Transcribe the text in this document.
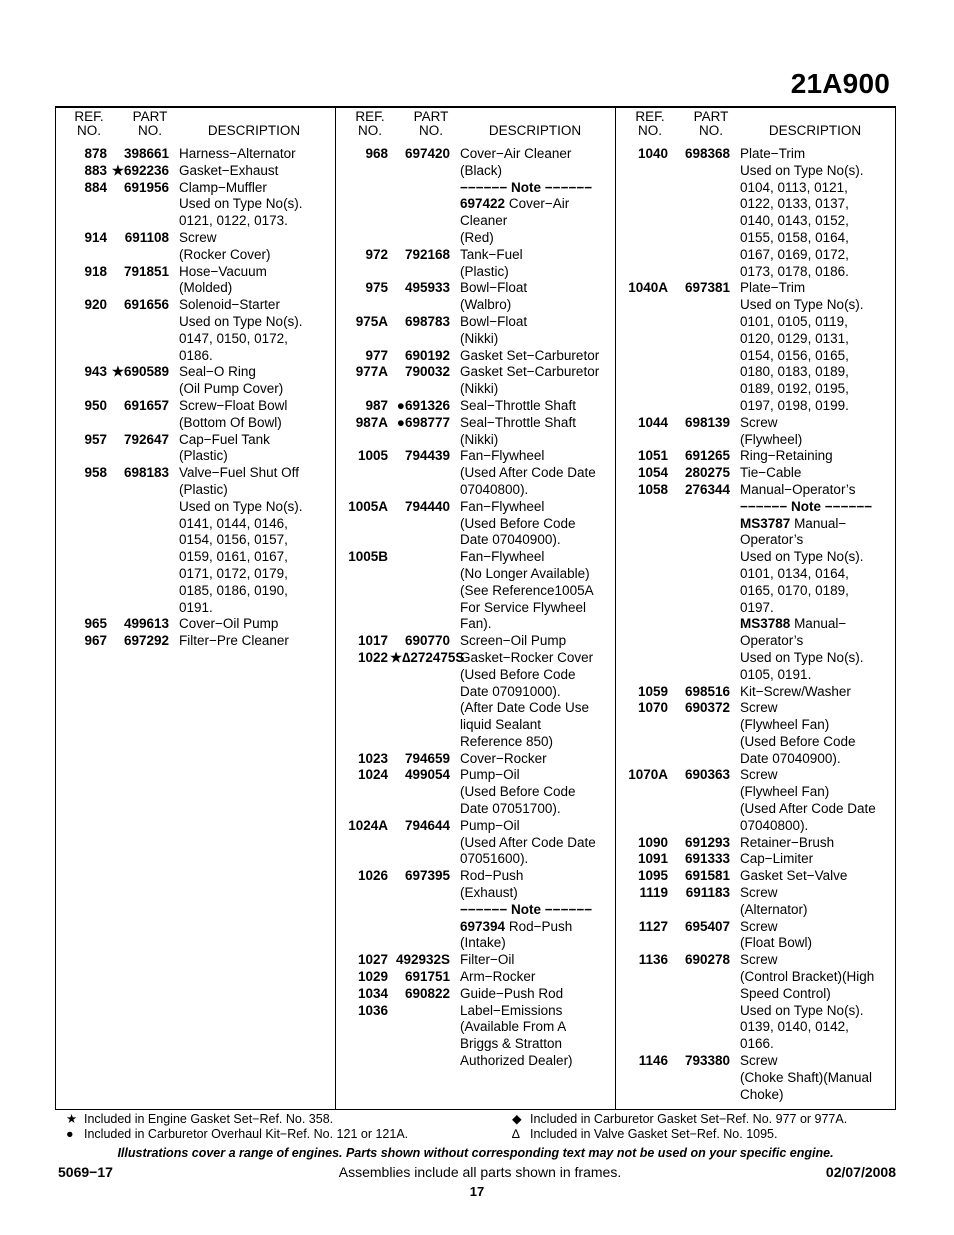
21A900
REF.
NO.
PART
NO.	DESCRIPTION
878	398661 Harness−Alternator
883 ★692236 Gasket−Exhaust
884	691956 Clamp−Muffler
Used on Type No(s).
0121, 0122, 0173.
914	691108 Screw
(Rocker Cover)
918	791851 Hose−Vacuum
(Molded)
920	691656 Solenoid−Starter
Used on Type No(s).
0147, 0150, 0172,
0186.
943 ★690589 Seal−O Ring
(Oil Pump Cover)
950	691657 Screw−Float Bowl
(Bottom Of Bowl)
957	792647 Cap−Fuel Tank
(Plastic)
958	698183 Valve−Fuel Shut Off
(Plastic)
Used on Type No(s).
0141, 0144, 0146,
0154, 0156, 0157,
0159, 0161, 0167,
0171, 0172, 0179,
0185, 0186, 0190,
0191.
965	499613 Cover−Oil Pump
967	697292 Filter−Pre Cleaner
REF.
NO.
PART
NO.	DESCRIPTION
968	697420 Cover−Air Cleaner
(Black)
−−−−−− Note −−−−−−
697422 Cover−Air
Cleaner
(Red)
972	792168 Tank−Fuel
(Plastic)
975	495933 Bowl−Float
(Walbro)
975A	698783 Bowl−Float
(Nikki)
977	690192 Gasket Set−Carburetor
977A	790032 Gasket Set−Carburetor
(Nikki)
987 ●691326 Seal−Throttle Shaft
987A ●698777 Seal−Throttle Shaft
(Nikki)
1005	794439 Fan−Flywheel
(Used After Code Date
07040800).
1005A	794440 Fan−Flywheel
(Used Before Code
Date 07040900).
1005B	Fan−Flywheel
(No Longer Available)
(See Reference1005A
For Service Flywheel
Fan).
1017	690770 Screen−Oil Pump
1022 ★∆272475S
Gasket−Rocker Cover
(Used Before Code
Date 07091000).
(After Date Code Use
liquid Sealant
Reference 850)
1023	794659 Cover−Rocker
1024	499054 Pump−Oil
(Used Before Code
Date 07051700).
1024A	794644 Pump−Oil
(Used After Code Date
07051600).
1026	697395 Rod−Push
(Exhaust)
−−−−−− Note −−−−−−
697394 Rod−Push
(Intake)
1027 492932S Filter−Oil
1029	691751 Arm−Rocker
1034	690822 Guide−Push Rod
1036	Label−Emissions
(Available From A
Briggs & Stratton
Authorized Dealer)
REF.
NO.
PART
NO.	DESCRIPTION
1040	698368 Plate−Trim
Used on Type No(s).
0104, 0113, 0121,
0122, 0133, 0137,
0140, 0143, 0152,
0155, 0158, 0164,
0167, 0169, 0172,
0173, 0178, 0186.
1040A	697381 Plate−Trim
Used on Type No(s).
0101, 0105, 0119,
0120, 0129, 0131,
0154, 0156, 0165,
0180, 0183, 0189,
0189, 0192, 0195,
0197, 0198, 0199.
1044	698139 Screw
(Flywheel)
1051	691265 Ring−Retaining
1054	280275 Tie−Cable
1058	276344 Manual−Operator’s
−−−−−− Note −−−−−−
MS3787 Manual−
Operator’s
Used on Type No(s).
0101, 0134, 0164,
0165, 0170, 0189,
0197.
MS3788 Manual−
Operator’s
Used on Type No(s).
0105, 0191.
1059	698516 Kit−Screw/Washer
1070	690372 Screw
(Flywheel Fan)
(Used Before Code
Date 07040900).
1070A	690363 Screw
(Flywheel Fan)
(Used After Code Date
07040800).
1090	691293 Retainer−Brush
1091	691333 Cap−Limiter
1095	691581 Gasket Set−Valve
1119	691183 Screw
(Alternator)
1127	695407 Screw
(Float Bowl)
1136	690278 Screw
(Control Bracket)(High
Speed Control)
Used on Type No(s).
0139, 0140, 0142,
0166.
1146	793380 Screw
(Choke Shaft)(Manual
Choke)
★ Included in Engine Gasket Set−Ref. No. 358.
● Included in Carburetor Overhaul Kit−Ref. No. 121 or 121A.
◆ Included in Carburetor Gasket Set−Ref. No. 977 or 977A.
∆ Included in Valve Gasket Set−Ref. No. 1095.
Illustrations cover a range of engines. Parts shown without corresponding text may not be used on your specific engine.
5069−17	Assemblies include all parts shown in frames.	02/07/2008
17
